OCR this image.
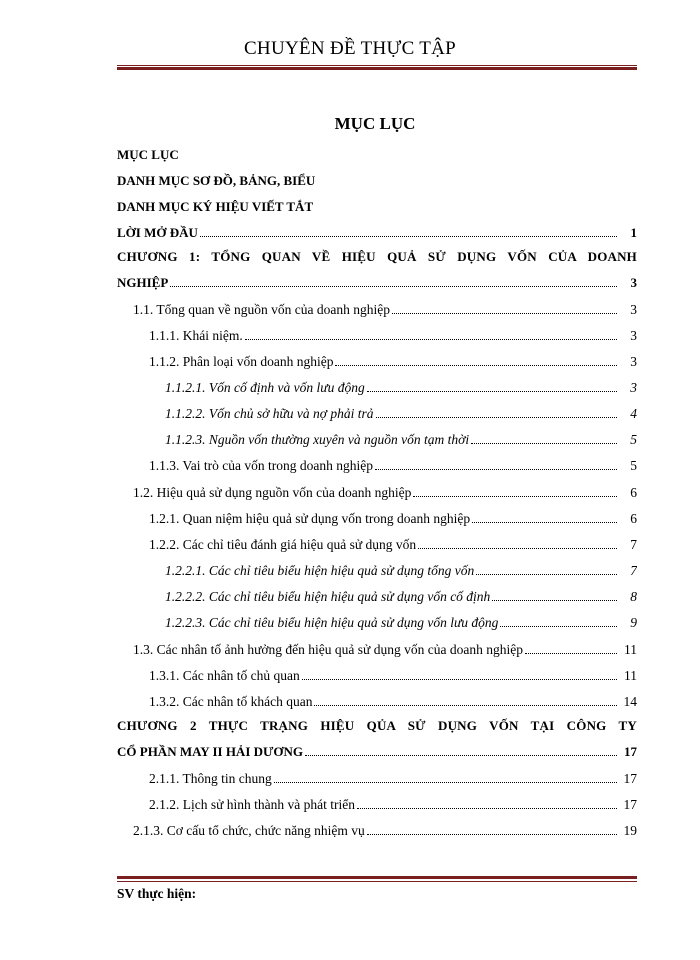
CHUYÊN ĐỀ THỰC TẬP
MỤC LỤC
MỤC LỤC
DANH MỤC SƠ ĐỒ, BẢNG, BIỂU
DANH MỤC KÝ HIỆU VIẾT TẮT
LỜI MỞ ĐẦU	1
CHƯƠNG 1: TỔNG QUAN VỀ HIỆU QUẢ SỬ DỤNG VỐN CỦA DOANH
NGHIỆP	3
1.1. Tổng quan về nguồn vốn của doanh nghiệp	3
1.1.1. Khái niệm.	3
1.1.2. Phân loại vốn doanh nghiệp	3
1.1.2.1. Vốn cố định và vốn lưu động	3
1.1.2.2. Vốn chủ sở hữu và nợ phải trả	4
1.1.2.3. Nguồn vốn thường xuyên và nguồn vốn tạm thời	5
1.1.3. Vai trò của vốn trong doanh nghiệp	5
1.2. Hiệu quả sử dụng nguồn vốn của doanh nghiệp	6
1.2.1. Quan niệm hiệu quả sử dụng vốn trong doanh nghiệp	6
1.2.2. Các chỉ tiêu đánh giá hiệu quả sử dụng vốn	7
1.2.2.1. Các chỉ tiêu biểu hiện hiệu quả sử dụng tổng vốn	7
1.2.2.2. Các chỉ tiêu biểu hiện hiệu quả sử dụng vốn cố định	8
1.2.2.3. Các chỉ tiêu biểu hiện hiệu quả sử dụng vốn lưu động	9
1.3. Các nhân tố ảnh hưởng đến hiệu quả sử dụng vốn của doanh nghiệp	11
1.3.1. Các nhân tố chủ quan	11
1.3.2. Các nhân tố khách quan	14
CHƯƠNG 2 THỰC TRẠNG HIỆU QỦA SỬ DỤNG VỐN TẠI CÔNG TY
CỔ PHẦN MAY II HẢI DƯƠNG	17
2.1.1. Thông tin chung	17
2.1.2. Lịch sử hình thành và phát triển	17
2.1.3. Cơ cấu tổ chức, chức năng nhiệm vụ	19
SV thực hiện:
